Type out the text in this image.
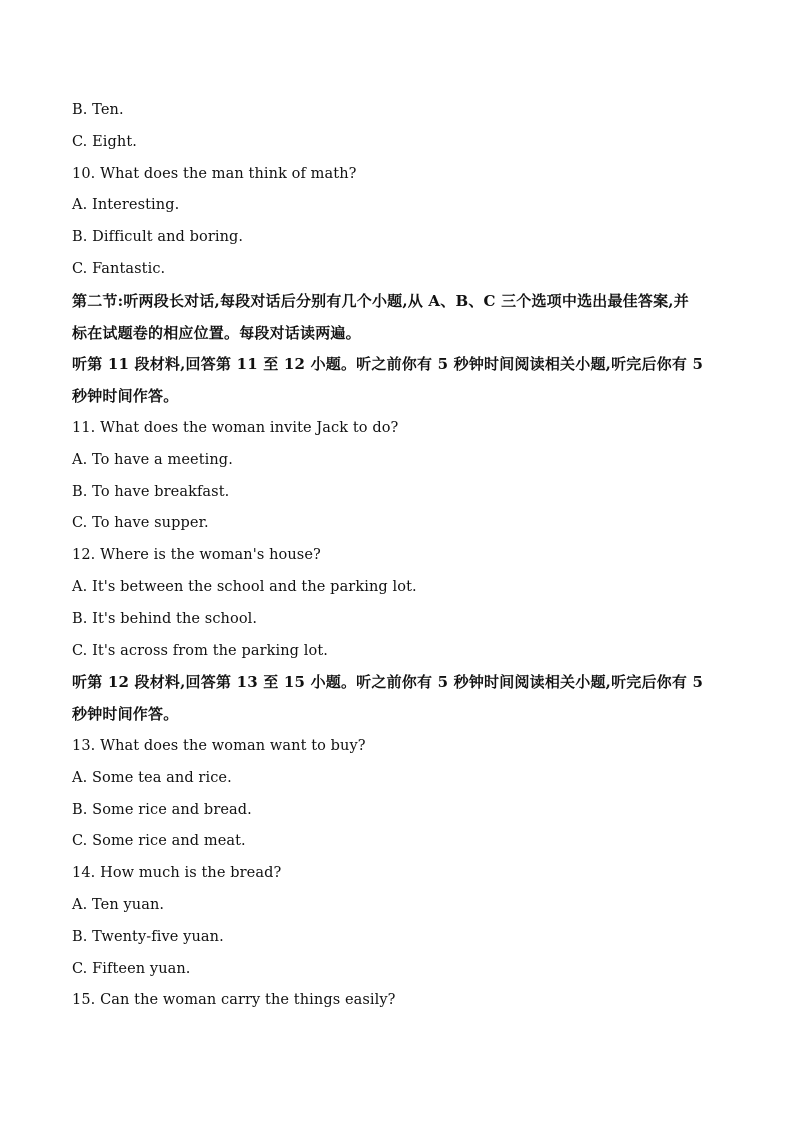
B. Ten.
C. Eight.
10. What does the man think of math?
A. Interesting.
B. Difficult and boring.
C. Fantastic.
第二节:听两段长对话,每段对话后分别有几个小题,从 A、B、C 三个选项中选出最佳答案,并
标在试题卷的相应位置。每段对话读两遍。
听第 11 段材料,回答第 11 至 12 小题。听之前你有 5 秒钟时间阅读相关小题,听完后你有 5
秒钟时间作答。
11. What does the woman invite Jack to do?
A. To have a meeting.
B. To have breakfast.
C. To have supper.
12. Where is the woman's house?
A. It's between the school and the parking lot.
B. It's behind the school.
C. It's across from the parking lot.
听第 12 段材料,回答第 13 至 15 小题。听之前你有 5 秒钟时间阅读相关小题,听完后你有 5
秒钟时间作答。
13. What does the woman want to buy?
A. Some tea and rice.
B. Some rice and bread.
C. Some rice and meat.
14. How much is the bread?
A. Ten yuan.
B. Twenty-five yuan.
C. Fifteen yuan.
15. Can the woman carry the things easily?
